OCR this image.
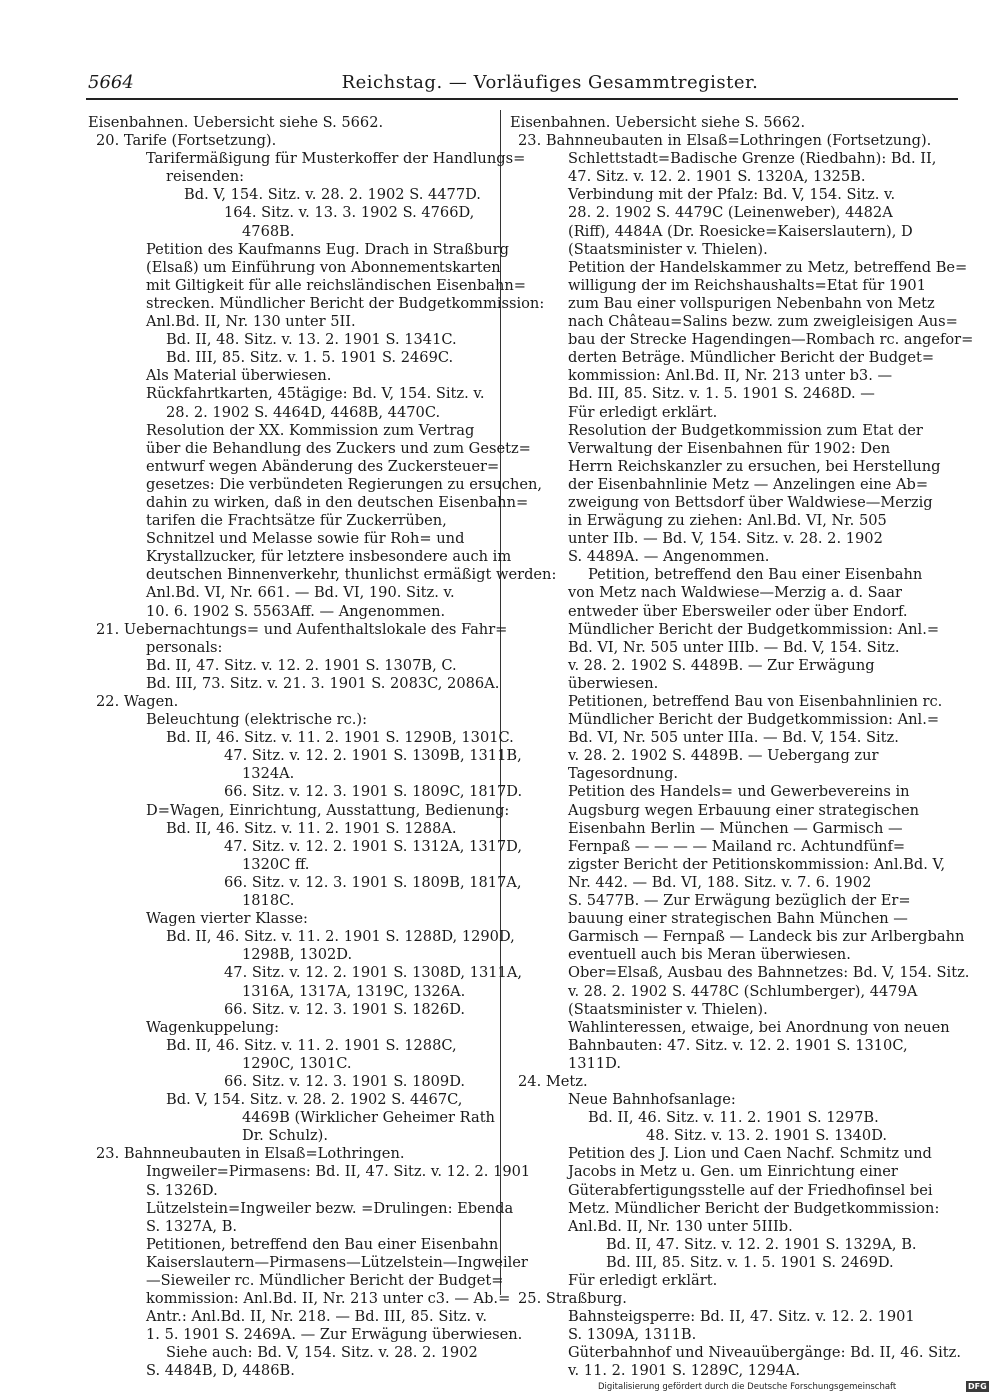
5664	Reichstag. — Vorläufiges Gesammtregister.
Eisenbahnen. Uebersicht siehe S. 5662.
20. Tarife (Fortsetzung).
Tarifermäßigung für Musterkoffer der Handlungs=
reisenden:
Bd. V, 154. Sitz. v. 28. 2. 1902 S. 4477D.
164. Sitz. v. 13. 3. 1902 S. 4766D,
4768B.
Petition des Kaufmanns Eug. Drach in Straßburg
(Elsaß) um Einführung von Abonnementskarten
mit Giltigkeit für alle reichsländischen Eisenbahn=
strecken. Mündlicher Bericht der Budgetkommission:
Anl.Bd. II, Nr. 130 unter 5II.
Bd. II, 48. Sitz. v. 13. 2. 1901 S. 1341C.
Bd. III, 85. Sitz. v. 1. 5. 1901 S. 2469C.
Als Material überwiesen.
Rückfahrtkarten, 45tägige: Bd. V, 154. Sitz. v.
28. 2. 1902 S. 4464D, 4468B, 4470C.
Resolution der XX. Kommission zum Vertrag
über die Behandlung des Zuckers und zum Gesetz=
entwurf wegen Abänderung des Zuckersteuer=
gesetzes: Die verbündeten Regierungen zu ersuchen,
dahin zu wirken, daß in den deutschen Eisenbahn=
tarifen die Frachtsätze für Zuckerrüben,
Schnitzel und Melasse sowie für Roh= und
Krystallzucker, für letztere insbesondere auch im
deutschen Binnenverkehr, thunlichst ermäßigt werden:
Anl.Bd. VI, Nr. 661. — Bd. VI, 190. Sitz. v.
10. 6. 1902 S. 5563Aff. — Angenommen.
21. Uebernachtungs= und Aufenthaltslokale des Fahr=
personals:
Bd. II, 47. Sitz. v. 12. 2. 1901 S. 1307B, C.
Bd. III, 73. Sitz. v. 21. 3. 1901 S. 2083C, 2086A.
22. Wagen.
Beleuchtung (elektrische rc.):
Bd. II, 46. Sitz. v. 11. 2. 1901 S. 1290B, 1301C.
47. Sitz. v. 12. 2. 1901 S. 1309B, 1311B,
1324A.
66. Sitz. v. 12. 3. 1901 S. 1809C, 1817D.
D=Wagen, Einrichtung, Ausstattung, Bedienung:
Bd. II, 46. Sitz. v. 11. 2. 1901 S. 1288A.
47. Sitz. v. 12. 2. 1901 S. 1312A, 1317D,
1320C ff.
66. Sitz. v. 12. 3. 1901 S. 1809B, 1817A,
1818C.
Wagen vierter Klasse:
Bd. II, 46. Sitz. v. 11. 2. 1901 S. 1288D, 1290D,
1298B, 1302D.
47. Sitz. v. 12. 2. 1901 S. 1308D, 1311A,
1316A, 1317A, 1319C, 1326A.
66. Sitz. v. 12. 3. 1901 S. 1826D.
Wagenkuppelung:
Bd. II, 46. Sitz. v. 11. 2. 1901 S. 1288C,
1290C, 1301C.
66. Sitz. v. 12. 3. 1901 S. 1809D.
Bd. V, 154. Sitz. v. 28. 2. 1902 S. 4467C,
4469B (Wirklicher Geheimer Rath
Dr. Schulz).
23. Bahnneubauten in Elsaß=Lothringen.
Ingweiler=Pirmasens: Bd. II, 47. Sitz. v. 12. 2. 1901
S. 1326D.
Lützelstein=Ingweiler bezw. =Drulingen: Ebenda
S. 1327A, B.
Petitionen, betreffend den Bau einer Eisenbahn
Kaiserslautern—Pirmasens—Lützelstein—Ingweiler
—Sieweiler rc. Mündlicher Bericht der Budget=
kommission: Anl.Bd. II, Nr. 213 unter c3. — Ab.=
Antr.: Anl.Bd. II, Nr. 218. — Bd. III, 85. Sitz. v.
1. 5. 1901 S. 2469A. — Zur Erwägung überwiesen.
Siehe auch: Bd. V, 154. Sitz. v. 28. 2. 1902
S. 4484B, D, 4486B.
Eisenbahnen. Uebersicht siehe S. 5662.
23. Bahnneubauten in Elsaß=Lothringen (Fortsetzung).
Schlettstadt=Badische Grenze (Riedbahn): Bd. II,
47. Sitz. v. 12. 2. 1901 S. 1320A, 1325B.
Verbindung mit der Pfalz: Bd. V, 154. Sitz. v.
28. 2. 1902 S. 4479C (Leinenweber), 4482A
(Riff), 4484A (Dr. Roesicke=Kaiserslautern), D
(Staatsminister v. Thielen).
Petition der Handelskammer zu Metz, betreffend Be=
willigung der im Reichshaushalts=Etat für 1901
zum Bau einer vollspurigen Nebenbahn von Metz
nach Château=Salins bezw. zum zweigleisigen Aus=
bau der Strecke Hagendingen—Rombach rc. angefor=
derten Beträge. Mündlicher Bericht der Budget=
kommission: Anl.Bd. II, Nr. 213 unter b3. —
Bd. III, 85. Sitz. v. 1. 5. 1901 S. 2468D. —
Für erledigt erklärt.
Resolution der Budgetkommission zum Etat der
Verwaltung der Eisenbahnen für 1902: Den
Herrn Reichskanzler zu ersuchen, bei Herstellung
der Eisenbahnlinie Metz — Anzelingen eine Ab=
zweigung von Bettsdorf über Waldwiese—Merzig
in Erwägung zu ziehen: Anl.Bd. VI, Nr. 505
unter IIb. — Bd. V, 154. Sitz. v. 28. 2. 1902
S. 4489A. — Angenommen.
Petition, betreffend den Bau einer Eisenbahn
von Metz nach Waldwiese—Merzig a. d. Saar
entweder über Ebersweiler oder über Endorf.
Mündlicher Bericht der Budgetkommission: Anl.=
Bd. VI, Nr. 505 unter IIIb. — Bd. V, 154. Sitz.
v. 28. 2. 1902 S. 4489B. — Zur Erwägung
überwiesen.
Petitionen, betreffend Bau von Eisenbahnlinien rc.
Mündlicher Bericht der Budgetkommission: Anl.=
Bd. VI, Nr. 505 unter IIIa. — Bd. V, 154. Sitz.
v. 28. 2. 1902 S. 4489B. — Uebergang zur
Tagesordnung.
Petition des Handels= und Gewerbevereins in
Augsburg wegen Erbauung einer strategischen
Eisenbahn Berlin — München — Garmisch —
Fernpaß — — — — Mailand rc. Achtundfünf=
zigster Bericht der Petitionskommission: Anl.Bd. V,
Nr. 442. — Bd. VI, 188. Sitz. v. 7. 6. 1902
S. 5477B. — Zur Erwägung bezüglich der Er=
bauung einer strategischen Bahn München —
Garmisch — Fernpaß — Landeck bis zur Arlbergbahn
eventuell auch bis Meran überwiesen.
Ober=Elsaß, Ausbau des Bahnnetzes: Bd. V, 154. Sitz.
v. 28. 2. 1902 S. 4478C (Schlumberger), 4479A
(Staatsminister v. Thielen).
Wahlinteressen, etwaige, bei Anordnung von neuen
Bahnbauten: 47. Sitz. v. 12. 2. 1901 S. 1310C,
1311D.
24. Metz.
Neue Bahnhofsanlage:
Bd. II, 46. Sitz. v. 11. 2. 1901 S. 1297B.
48. Sitz. v. 13. 2. 1901 S. 1340D.
Petition des J. Lion und Caen Nachf. Schmitz und
Jacobs in Metz u. Gen. um Einrichtung einer
Güterabfertigungsstelle auf der Friedhofinsel bei
Metz. Mündlicher Bericht der Budgetkommission:
Anl.Bd. II, Nr. 130 unter 5IIIb.
Bd. II, 47. Sitz. v. 12. 2. 1901 S. 1329A, B.
Bd. III, 85. Sitz. v. 1. 5. 1901 S. 2469D.
Für erledigt erklärt.
25. Straßburg.
Bahnsteigsperre: Bd. II, 47. Sitz. v. 12. 2. 1901
S. 1309A, 1311B.
Güterbahnhof und Niveauübergänge: Bd. II, 46. Sitz.
v. 11. 2. 1901 S. 1289C, 1294A.
Digitalisierung gefördert durch die Deutsche Forschungsgemeinschaft	DFG
